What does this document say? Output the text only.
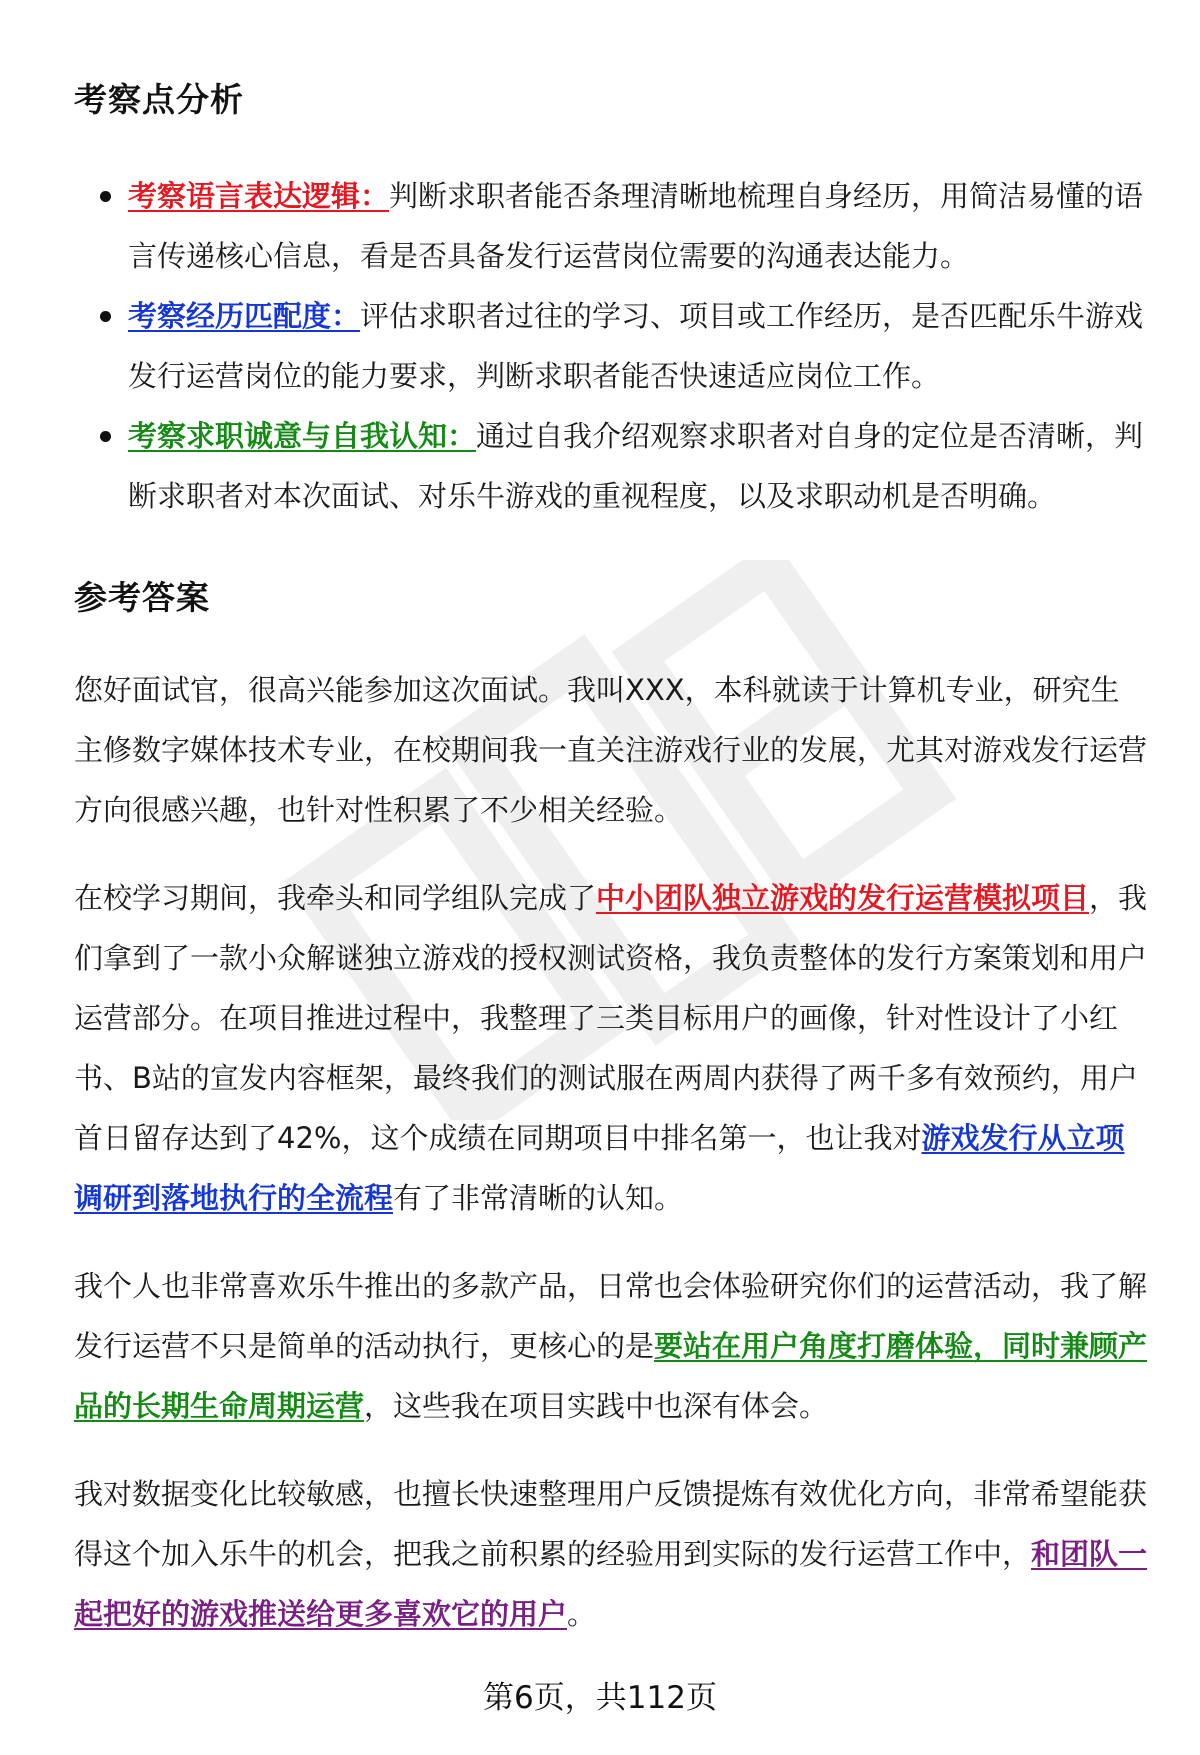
考察点分析
考察语言表达逻辑：判断求职者能否条理清晰地梳理自身经历，用简洁易懂的语言传递核心信息，看是否具备发行运营岗位需要的沟通表达能力。
考察经历匹配度：评估求职者过往的学习、项目或工作经历，是否匹配乐牛游戏发行运营岗位的能力要求，判断求职者能否快速适应岗位工作。
考察求职诚意与自我认知：通过自我介绍观察求职者对自身的定位是否清晰，判断求职者对本次面试、对乐牛游戏的重视程度，以及求职动机是否明确。
参考答案

您好面试官，很高兴能参加这次面试。我叫XXX，本科就读于计算机专业，研究生主修数字媒体技术专业，在校期间我一直关注游戏行业的发展，尤其对游戏发行运营方向很感兴趣，也针对性积累了不少相关经验。

在校学习期间，我牵头和同学组队完成了中小团队独立游戏的发行运营模拟项目，我们拿到了一款小众解谜独立游戏的授权测试资格，我负责整体的发行方案策划和用户运营部分。在项目推进过程中，我整理了三类目标用户的画像，针对性设计了小红书、B站的宣发内容框架，最终我们的测试服在两周内获得了两千多有效预约，用户首日留存达到了42%，这个成绩在同期项目中排名第一，也让我对游戏发行从立项调研到落地执行的全流程有了非常清晰的认知。

我个人也非常喜欢乐牛推出的多款产品，日常也会体验研究你们的运营活动，我了解发行运营不只是简单的活动执行，更核心的是要站在用户角度打磨体验，同时兼顾产品的长期生命周期运营，这些我在项目实践中也深有体会。

我对数据变化比较敏感，也擅长快速整理用户反馈提炼有效优化方向，非常希望能获得这个加入乐牛的机会，把我之前积累的经验用到实际的发行运营工作中，和团队一起把好的游戏推送给更多喜欢它的用户。

第6页，共112页
